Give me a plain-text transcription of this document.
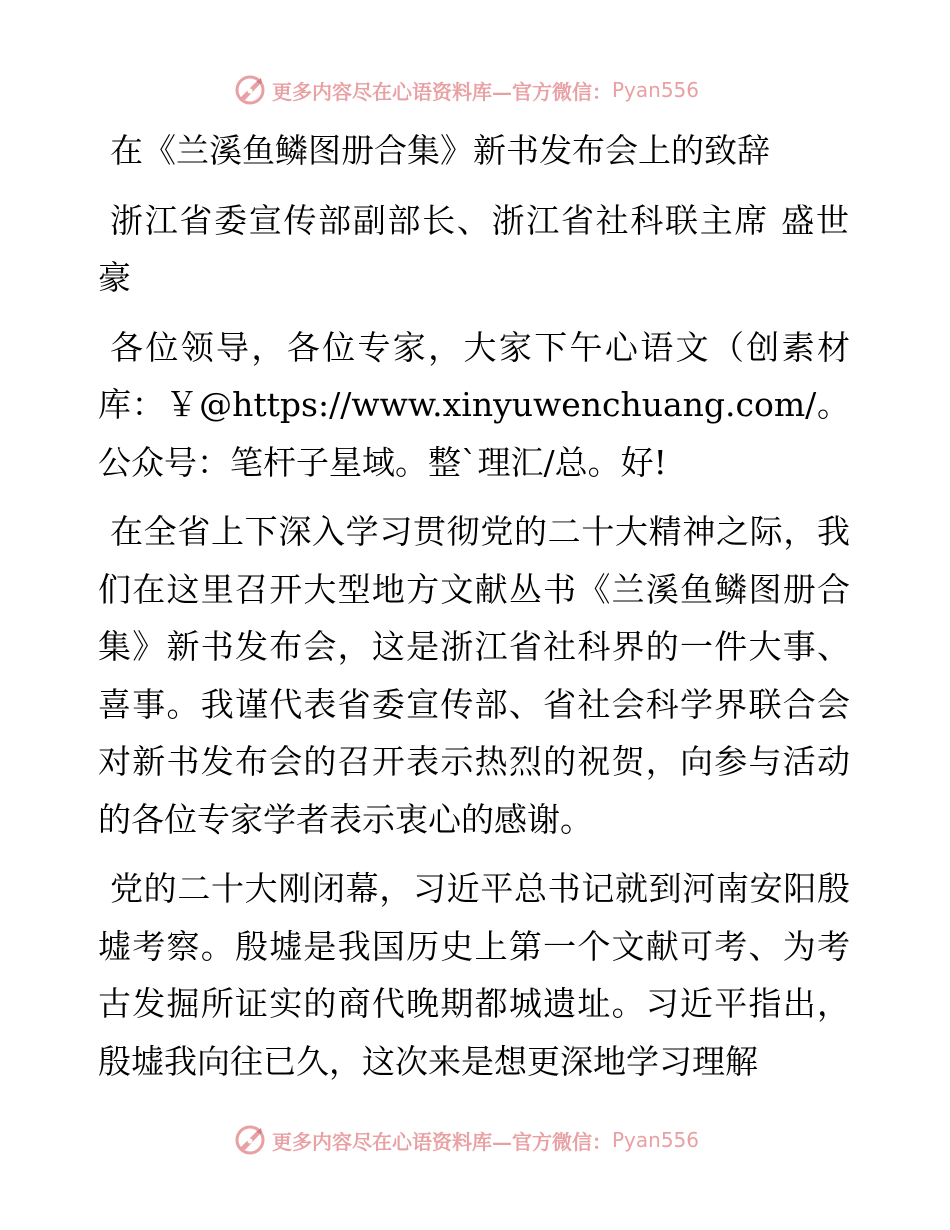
更多内容尽在心语资料库—官方微信： Pyan556

在《兰溪鱼鳞图册合集》新书发布会上的致辞

浙江省委宣传部副部长、浙江省社科联主席 盛世豪

各位领导，各位专家，大家下午心语文（创素材库：￥@https://www.xinyuwenchuang.com/。公众号：笔杆子星域。整`理汇/总。好!

在全省上下深入学习贯彻党的二十大精神之际，我们在这里召开大型地方文献丛书《兰溪鱼鳞图册合集》新书发布会，这是浙江省社科界的一件大事、喜事。我谨代表省委宣传部、省社会科学界联合会对新书发布会的召开表示热烈的祝贺，向参与活动的各位专家学者表示衷心的感谢。

党的二十大刚闭幕，习近平总书记就到河南安阳殷墟考察。殷墟是我国历史上第一个文献可考、为考古发掘所证实的商代晚期都城遗址。习近平指出，殷墟我向往已久，这次来是想更深地学习理解

更多内容尽在心语资料库—官方微信： Pyan556
